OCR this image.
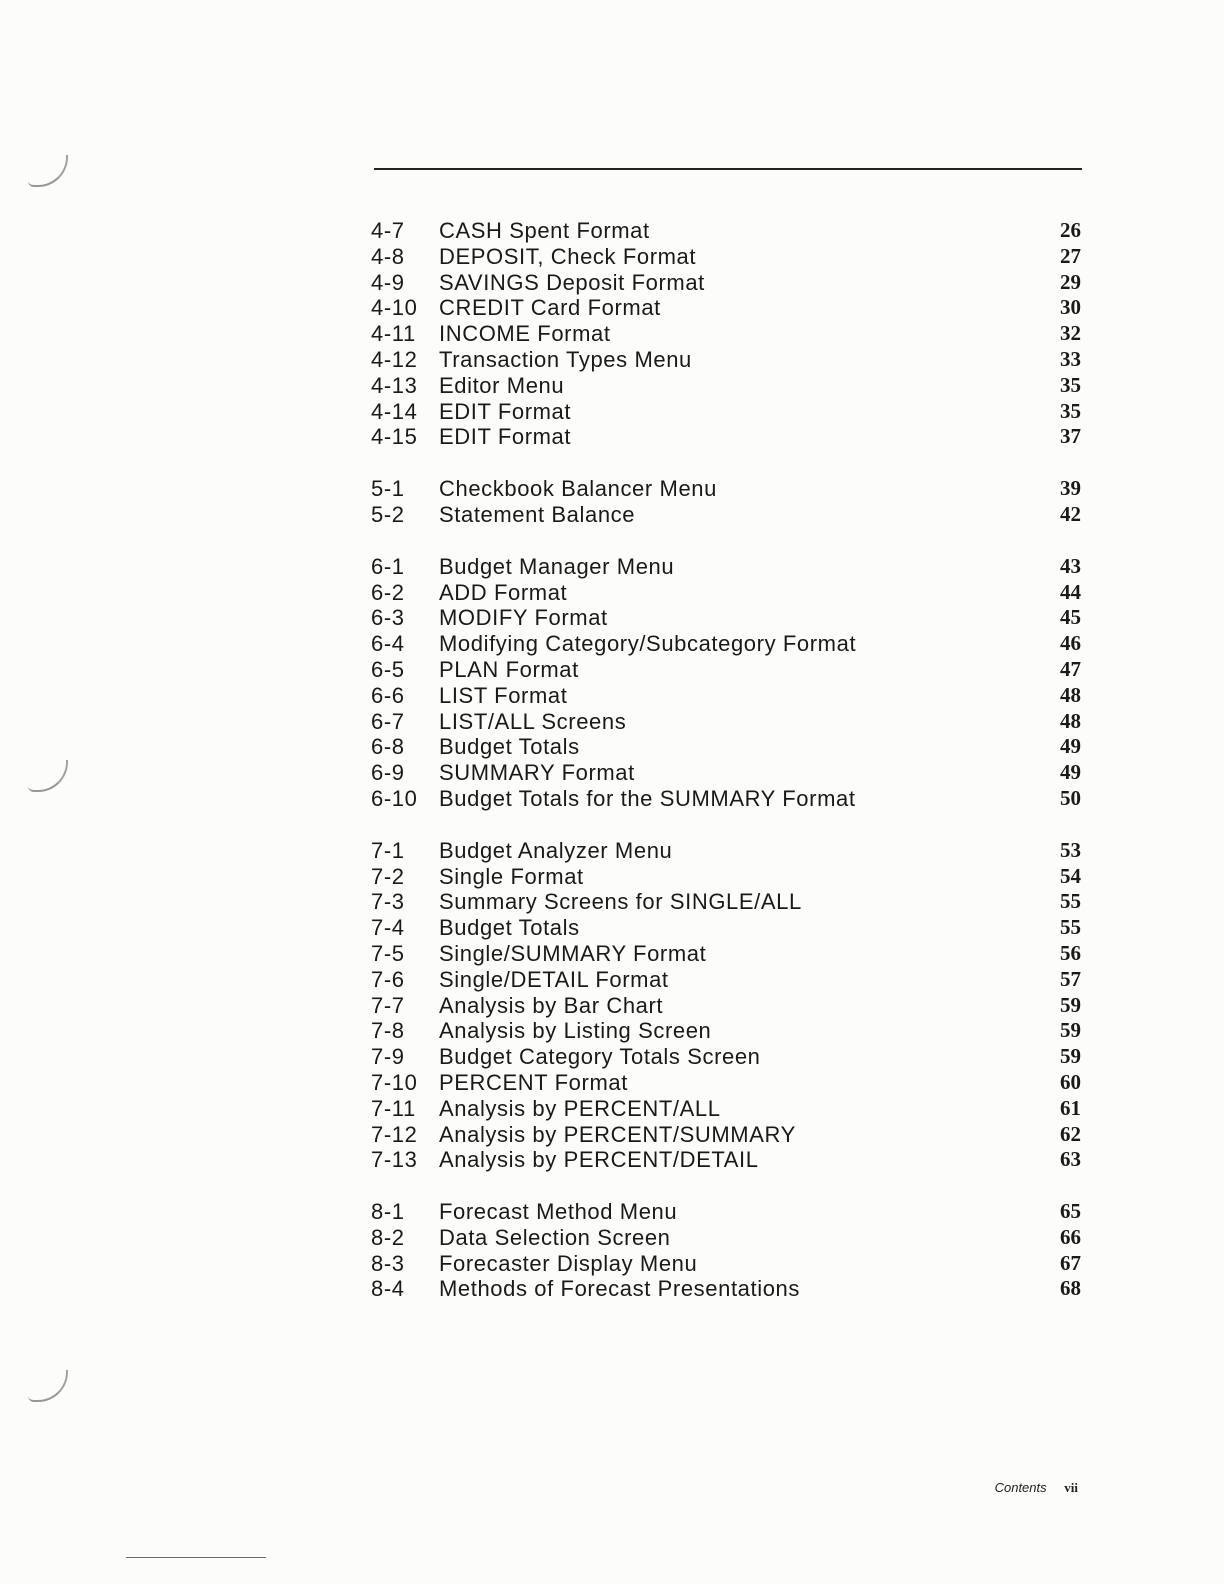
4-7 CASH Spent Format	26
4-8 DEPOSIT, Check Format	27
4-9 SAVINGS Deposit Format	29
4-10 CREDIT Card Format	30
4-11 INCOME Format	32
4-12 Transaction Types Menu	33
4-13 Editor Menu	35
4-14 EDIT Format	35
4-15 EDIT Format	37
5-1 Checkbook Balancer Menu	39
5-2 Statement Balance	42
6-1 Budget Manager Menu	43
6-2 ADD Format	44
6-3 MODIFY Format	45
6-4 Modifying Category/Subcategory Format	46
6-5 PLAN Format	47
6-6 LIST Format	48
6-7 LIST/ALL Screens	48
6-8 Budget Totals	49
6-9 SUMMARY Format	49
6-10 Budget Totals for the SUMMARY Format	50
7-1 Budget Analyzer Menu	53
7-2 Single Format	54
7-3 Summary Screens for SINGLE/ALL	55
7-4 Budget Totals	55
7-5 Single/SUMMARY Format	56
7-6 Single/DETAIL Format	57
7-7 Analysis by Bar Chart	59
7-8 Analysis by Listing Screen	59
7-9 Budget Category Totals Screen	59
7-10 PERCENT Format	60
7-11 Analysis by PERCENT/ALL	61
7-12 Analysis by PERCENT/SUMMARY	62
7-13 Analysis by PERCENT/DETAIL	63
8-1 Forecast Method Menu	65
8-2 Data Selection Screen	66
8-3 Forecaster Display Menu	67
8-4 Methods of Forecast Presentations	68
Contents vii
